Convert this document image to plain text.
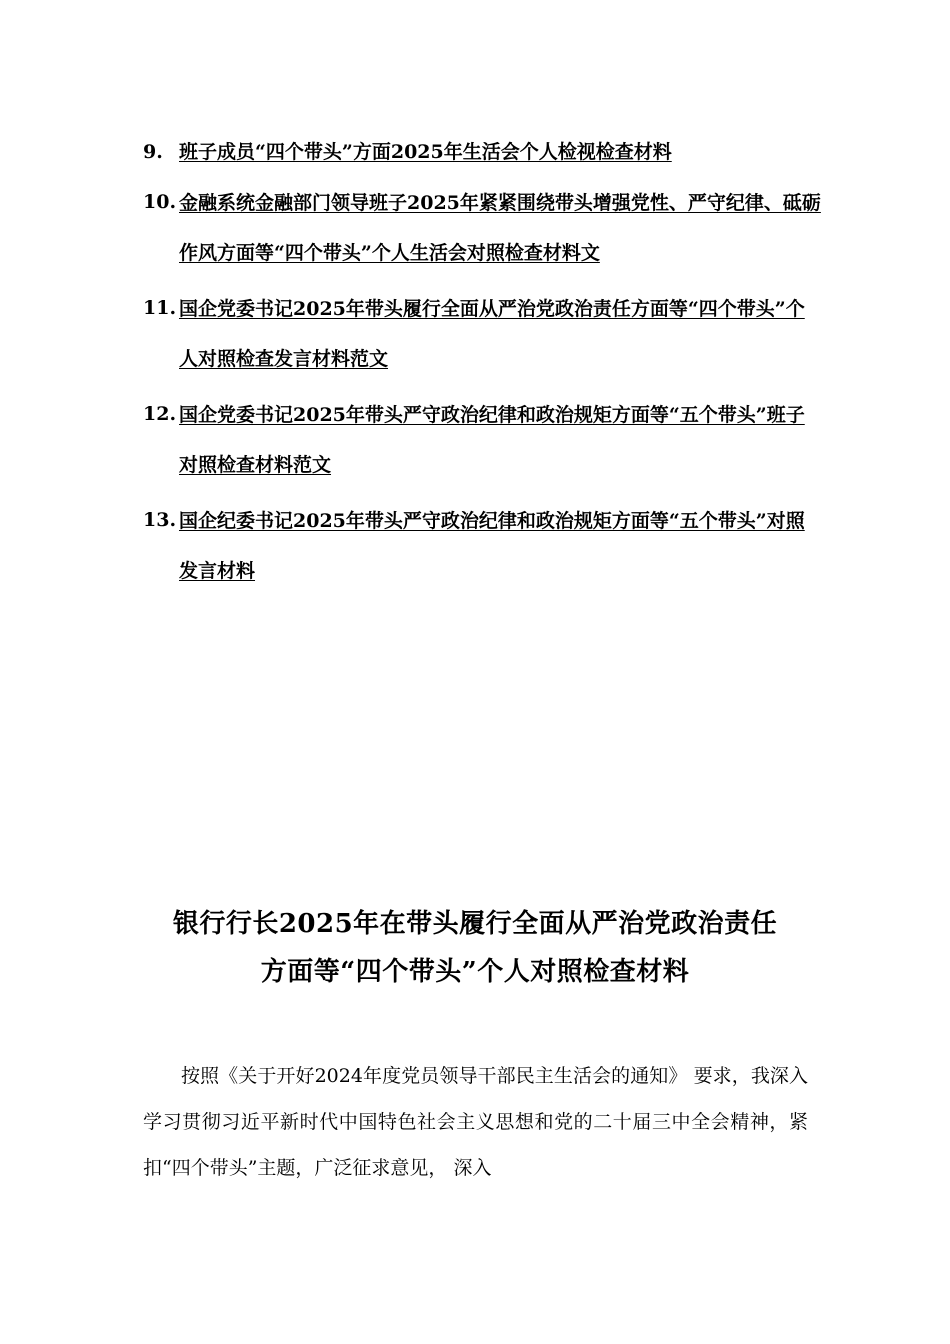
9. 班子成员“四个带头”方面2025年生活会个人检视检查材料
10. 金融系统金融部门领导班子2025年紧紧围绕带头增强党性、严守纪律、砥砺作风方面等“四个带头”个人生活会对照检查材料文
11. 国企党委书记2025年带头履行全面从严治党政治责任方面等“四个带头”个人对照检查发言材料范文
12. 国企党委书记2025年带头严守政治纪律和政治规矩方面等“五个带头”班子对照检查材料范文
13. 国企纪委书记2025年带头严守政治纪律和政治规矩方面等“五个带头”对照发言材料
银行行长2025年在带头履行全面从严治党政治责任
方面等“四个带头”个人对照检查材料

按照《关于开好2024年度党员领导干部民主生活会的通知》 要求，我深入学习贯彻习近平新时代中国特色社会主义思想和党的二十届三中全会精神，紧扣“四个带头”主题，广泛征求意见， 深入
